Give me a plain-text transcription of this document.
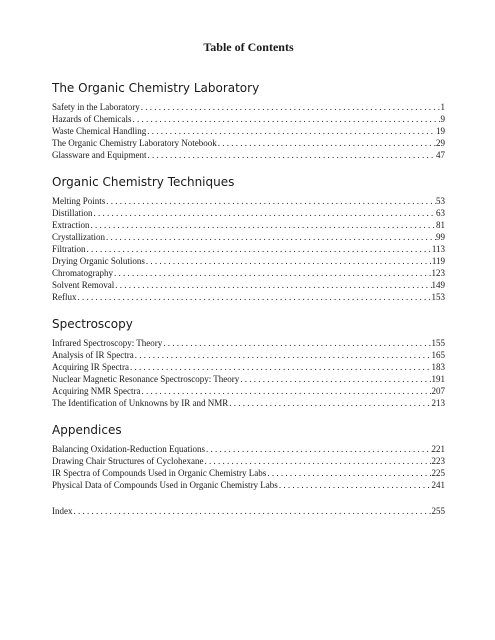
Table of Contents
The Organic Chemistry Laboratory
Safety in the Laboratory . . .	1
Hazards of Chemicals . . .	9
Waste Chemical Handling . . .	19
The Organic Chemistry Laboratory Notebook . . .	29
Glassware and Equipment . . .	47
Organic Chemistry Techniques
Melting Points . . .	53
Distillation . . .	63
Extraction . . .	81
Crystallization . . .	99
Filtration . . .	113
Drying Organic Solutions . . .	119
Chromatography . . .	123
Solvent Removal . . .	149
Reflux . . .	153
Spectroscopy
Infrared Spectroscopy: Theory . . .	155
Analysis of IR Spectra . . .	165
Acquiring IR Spectra . . .	183
Nuclear Magnetic Resonance Spectroscopy: Theory . . .	191
Acquiring NMR Spectra . . .	207
The Identification of Unknowns by IR and NMR . . .	213
Appendices
Balancing Oxidation-Reduction Equations . . .	221
Drawing Chair Structures of Cyclohexane . . .	223
IR Spectra of Compounds Used in Organic Chemistry Labs . . .	225
Physical Data of Compounds Used in Organic Chemistry Labs . . .	241
Index . . .	255
